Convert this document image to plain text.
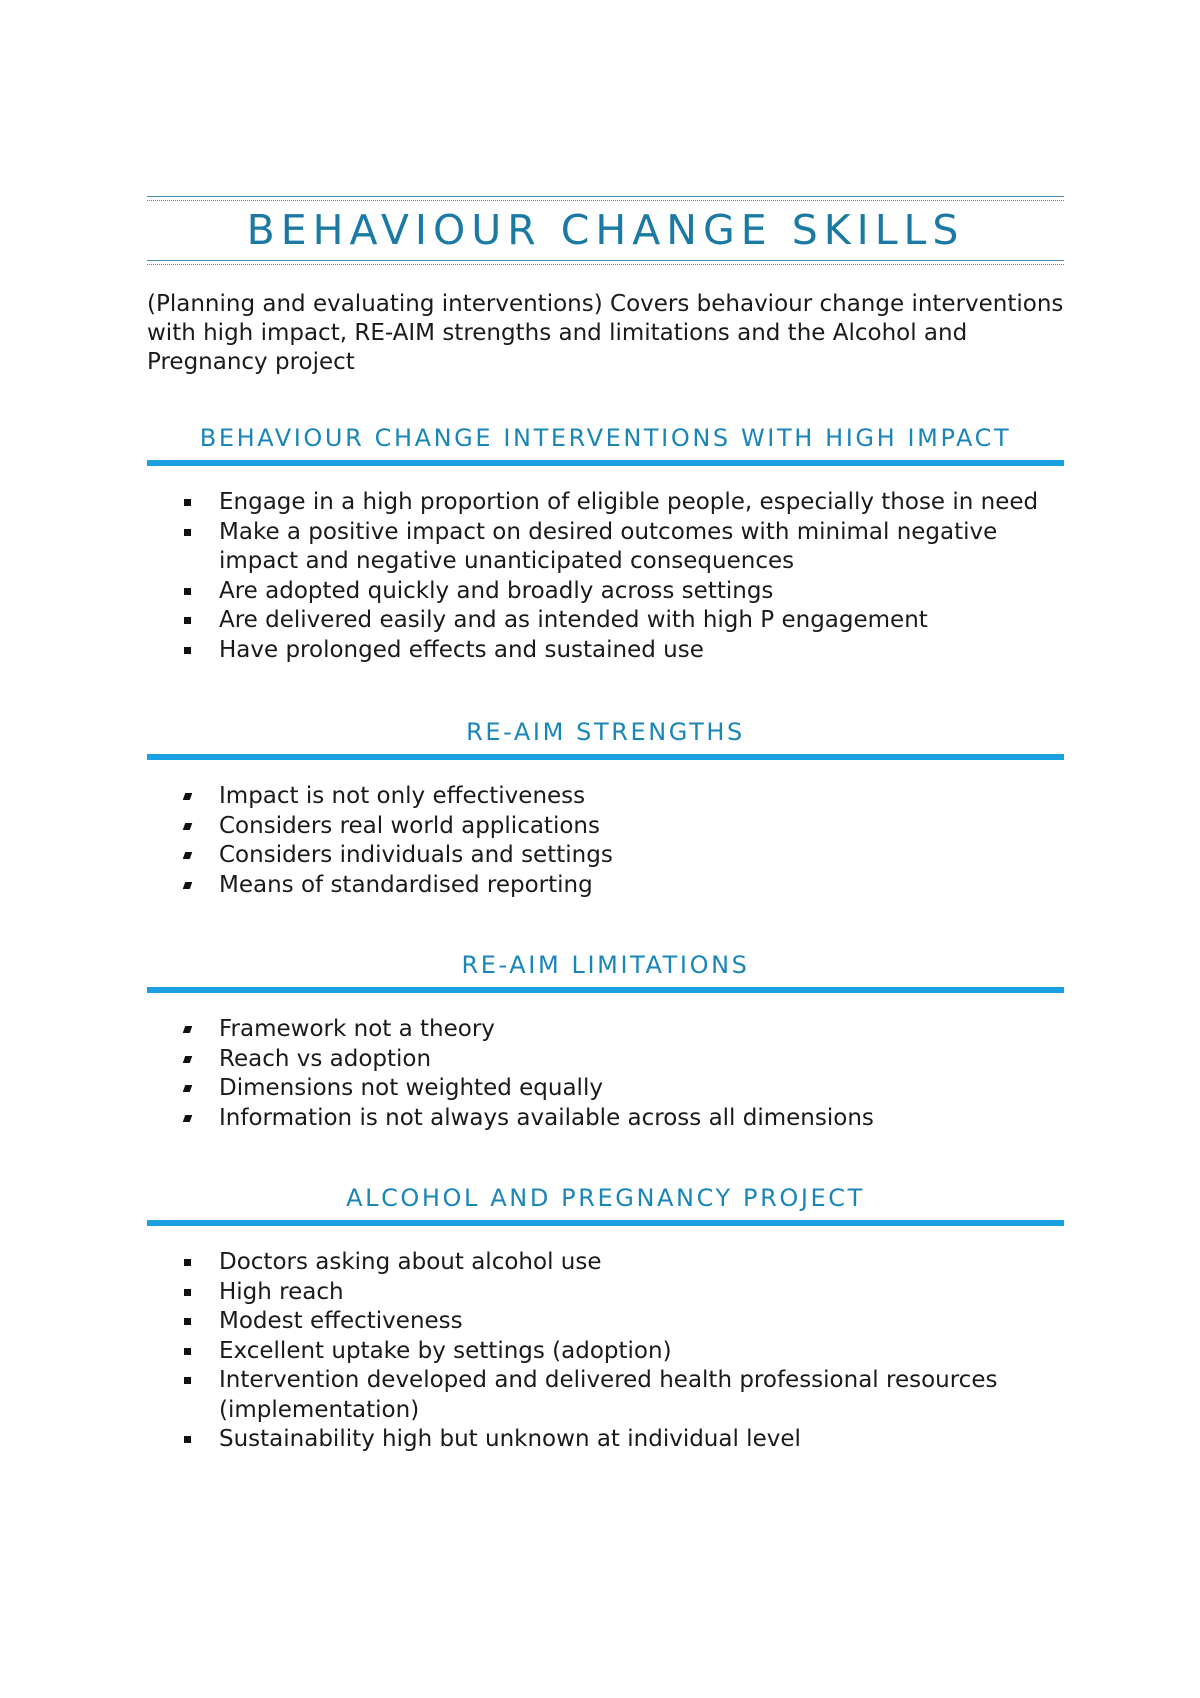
BEHAVIOUR CHANGE SKILLS
(Planning and evaluating interventions) Covers behaviour change interventions with high impact, RE-AIM strengths and limitations and the Alcohol and Pregnancy project
BEHAVIOUR CHANGE INTERVENTIONS WITH HIGH IMPACT
Engage in a high proportion of eligible people, especially those in need
Make a positive impact on desired outcomes with minimal negative impact and negative unanticipated consequences
Are adopted quickly and broadly across settings
Are delivered easily and as intended with high P engagement
Have prolonged effects and sustained use
RE-AIM STRENGTHS
Impact is not only effectiveness
Considers real world applications
Considers individuals and settings
Means of standardised reporting
RE-AIM LIMITATIONS
Framework not a theory
Reach vs adoption
Dimensions not weighted equally
Information is not always available across all dimensions
ALCOHOL AND PREGNANCY PROJECT
Doctors asking about alcohol use
High reach
Modest effectiveness
Excellent uptake by settings (adoption)
Intervention developed and delivered health professional resources (implementation)
Sustainability high but unknown at individual level
